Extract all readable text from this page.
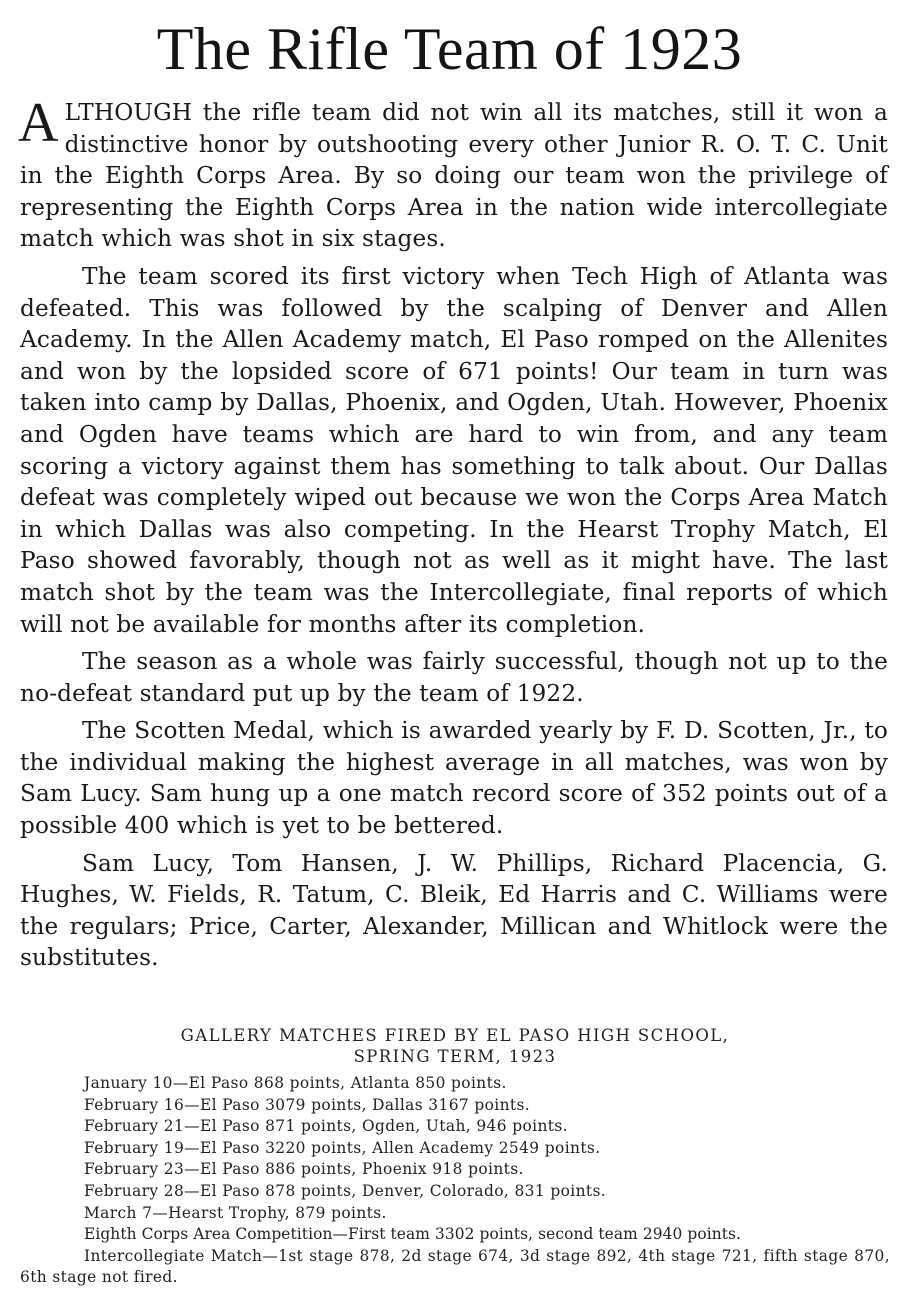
The Rifle Team of 1923

ALTHOUGH the rifle team did not win all its matches, still it won a distinctive honor by outshooting every other Junior R. O. T. C. Unit in the Eighth Corps Area. By so doing our team won the privilege of representing the Eighth Corps Area in the nation wide intercollegiate match which was shot in six stages.

The team scored its first victory when Tech High of Atlanta was defeated. This was followed by the scalping of Denver and Allen Academy. In the Allen Academy match, El Paso romped on the Allenites and won by the lopsided score of 671 points! Our team in turn was taken into camp by Dallas, Phoenix, and Ogden, Utah. However, Phoenix and Ogden have teams which are hard to win from, and any team scoring a victory against them has something to talk about. Our Dallas defeat was completely wiped out because we won the Corps Area Match in which Dallas was also competing. In the Hearst Trophy Match, El Paso showed favorably, though not as well as it might have. The last match shot by the team was the Intercollegiate, final reports of which will not be available for months after its completion.

The season as a whole was fairly successful, though not up to the no-defeat standard put up by the team of 1922.

The Scotten Medal, which is awarded yearly by F. D. Scotten, Jr., to the individual making the highest average in all matches, was won by Sam Lucy. Sam hung up a one match record score of 352 points out of a possible 400 which is yet to be bettered.

Sam Lucy, Tom Hansen, J. W. Phillips, Richard Placencia, G. Hughes, W. Fields, R. Tatum, C. Bleik, Ed Harris and C. Williams were the regulars; Price, Carter, Alexander, Millican and Whitlock were the substitutes.

GALLERY MATCHES FIRED BY EL PASO HIGH SCHOOL,
SPRING TERM, 1923
January 10—El Paso 868 points, Atlanta 850 points.
February 16—El Paso 3079 points, Dallas 3167 points.
February 21—El Paso 871 points, Ogden, Utah, 946 points.
February 19—El Paso 3220 points, Allen Academy 2549 points.
February 23—El Paso 886 points, Phoenix 918 points.
February 28—El Paso 878 points, Denver, Colorado, 831 points.
March 7—Hearst Trophy, 879 points.
Eighth Corps Area Competition—First team 3302 points, second team 2940 points.
Intercollegiate Match—1st stage 878, 2d stage 674, 3d stage 892, 4th stage 721, fifth stage 870, 6th stage not fired.
